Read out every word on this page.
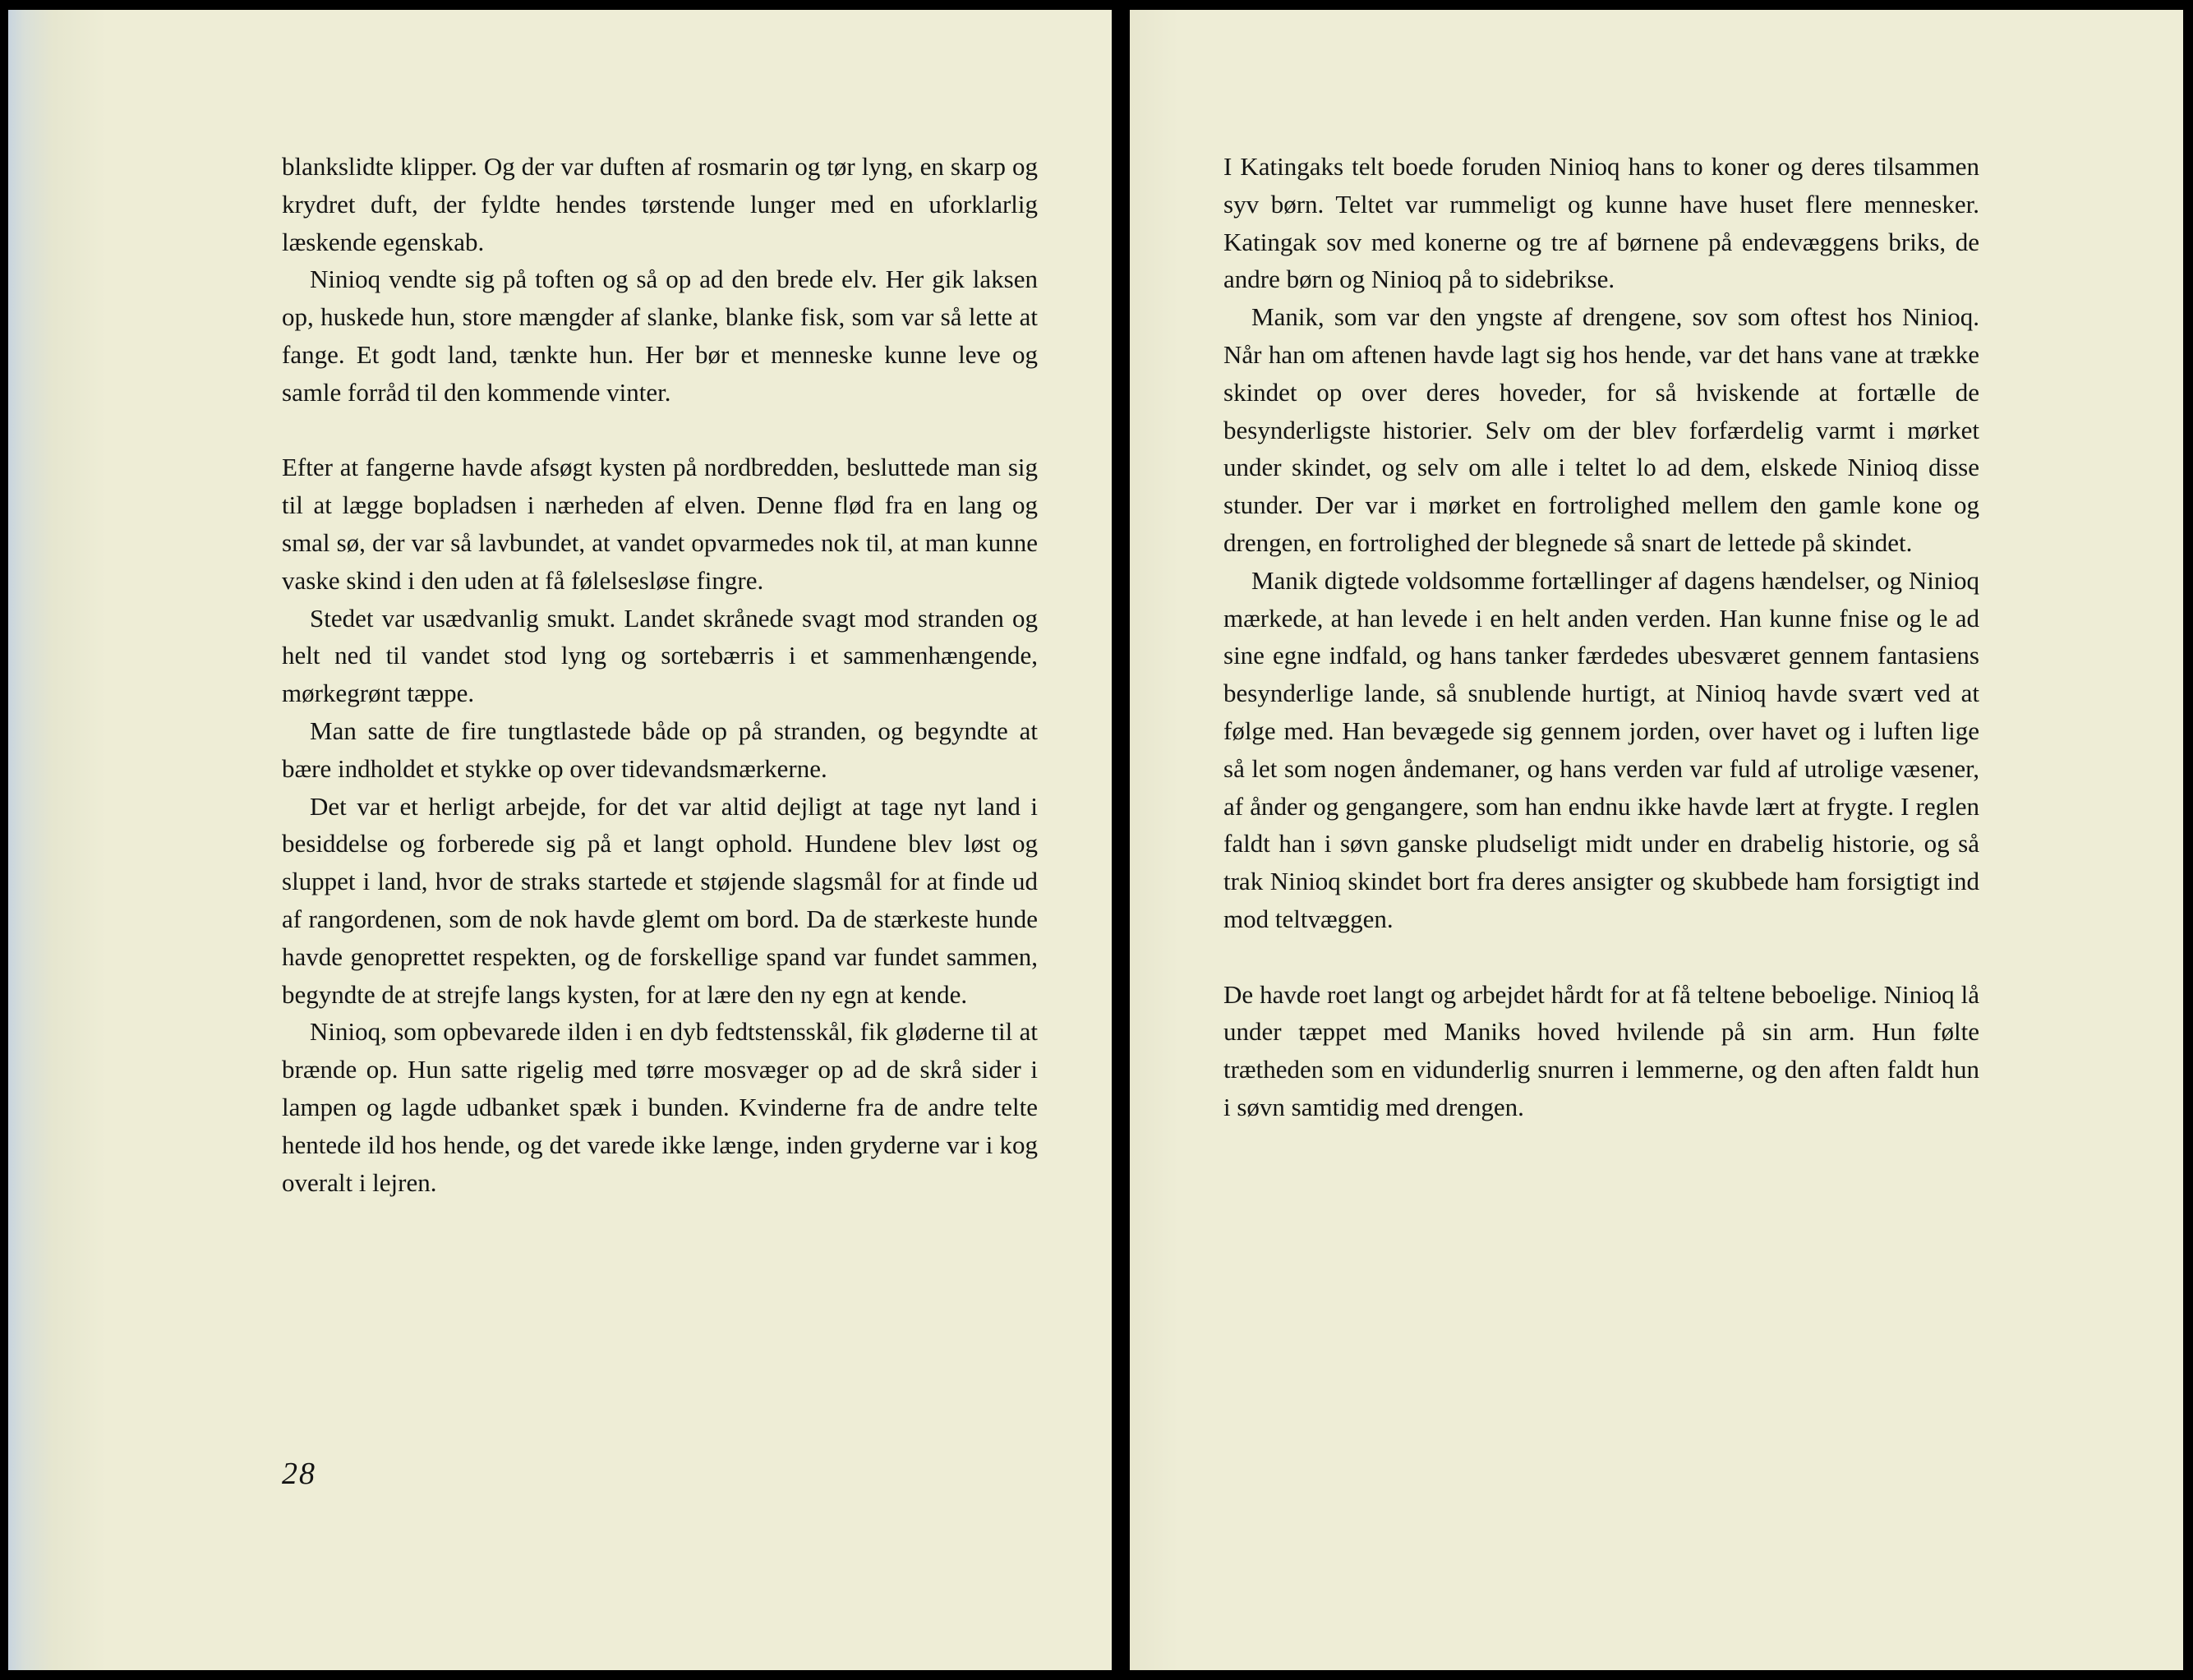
blankslidte klipper. Og der var duften af rosmarin og tør lyng, en skarp og krydret duft, der fyldte hendes tørstende lunger med en uforklarlig læskende egenskab.

Ninioq vendte sig på toften og så op ad den brede elv. Her gik laksen op, huskede hun, store mængder af slanke, blanke fisk, som var så lette at fange. Et godt land, tænkte hun. Her bør et menneske kunne leve og samle forråd til den kommende vinter.

Efter at fangerne havde afsøgt kysten på nordbredden, besluttede man sig til at lægge bopladsen i nærheden af elven. Denne flød fra en lang og smal sø, der var så lavbundet, at vandet opvarmedes nok til, at man kunne vaske skind i den uden at få følelsesløse fingre.

Stedet var usædvanlig smukt. Landet skrånede svagt mod stranden og helt ned til vandet stod lyng og sortebærris i et sammenhængende, mørkegrønt tæppe.

Man satte de fire tungtlastede både op på stranden, og begyndte at bære indholdet et stykke op over tidevandsmærkerne.

Det var et herligt arbejde, for det var altid dejligt at tage nyt land i besiddelse og forberede sig på et langt ophold. Hundene blev løst og sluppet i land, hvor de straks startede et støjende slagsmål for at finde ud af rangordenen, som de nok havde glemt om bord. Da de stærkeste hunde havde genoprettet respekten, og de forskellige spand var fundet sammen, begyndte de at strejfe langs kysten, for at lære den ny egn at kende.

Ninioq, som opbevarede ilden i en dyb fedtstensskål, fik gløderne til at brænde op. Hun satte rigelig med tørre mosvæger op ad de skrå sider i lampen og lagde udbanket spæk i bunden. Kvinderne fra de andre telte hentede ild hos hende, og det varede ikke længe, inden gryderne var i kog overalt i lejren.

28

I Katingaks telt boede foruden Ninioq hans to koner og deres tilsammen syv børn. Teltet var rummeligt og kunne have huset flere mennesker. Katingak sov med konerne og tre af børnene på endevæggens briks, de andre børn og Ninioq på to sidebrikse.

Manik, som var den yngste af drengene, sov som oftest hos Ninioq. Når han om aftenen havde lagt sig hos hende, var det hans vane at trække skindet op over deres hoveder, for så hviskende at fortælle de besynderligste historier. Selv om der blev forfærdelig varmt i mørket under skindet, og selv om alle i teltet lo ad dem, elskede Ninioq disse stunder. Der var i mørket en fortrolighed mellem den gamle kone og drengen, en fortrolighed der blegnede så snart de lettede på skindet.

Manik digtede voldsomme fortællinger af dagens hændelser, og Ninioq mærkede, at han levede i en helt anden verden. Han kunne fnise og le ad sine egne indfald, og hans tanker færdedes ubesværet gennem fantasiens besynderlige lande, så snublende hurtigt, at Ninioq havde svært ved at følge med. Han bevægede sig gennem jorden, over havet og i luften lige så let som nogen åndemaner, og hans verden var fuld af utrolige væsener, af ånder og gengangere, som han endnu ikke havde lært at frygte. I reglen faldt han i søvn ganske pludseligt midt under en drabelig historie, og så trak Ninioq skindet bort fra deres ansigter og skubbede ham forsigtigt ind mod teltvæggen.

De havde roet langt og arbejdet hårdt for at få teltene beboelige. Ninioq lå under tæppet med Maniks hoved hvilende på sin arm. Hun følte trætheden som en vidunderlig snurren i lemmerne, og den aften faldt hun i søvn samtidig med drengen.
